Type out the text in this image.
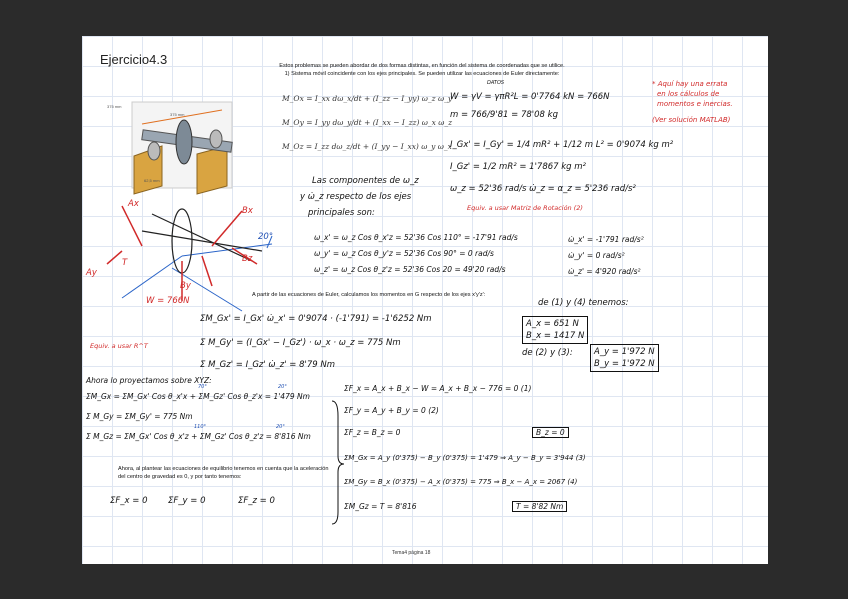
Ejercicio4.3	Estos problemas se pueden abordar de dos formas distintas, en función del sistema de coordenadas que se utilice.
1) Sistema móvil coincidente con los ejes principales. Se pueden utilizar las ecuaciones de Euler directamente:
375 mm
375 mm
62,5 mm
Ax
Ay
T
Bx
Bz
By
W = 766N
20°
M_Ox = I_xx dω_x/dt + (I_zz − I_yy) ω_z ω_y
M_Oy = I_yy dω_y/dt + (I_xx − I_zz) ω_x ω_z
M_Oz = I_zz dω_z/dt + (I_yy − I_xx) ω_y ω_x
* Aquí hay una errata
en los cálculos de
momentos e inercias.
(Ver solución MATLAB)
DATOS
W = γV = γπR²L = 0'7764 kN = 766N
m = 766/9'81 = 78'08 kg
I_Gx' = I_Gy' = 1/4 mR² + 1/12 m L² = 0'9074 kg m²
I_Gz' = 1/2 mR² = 1'7867 kg m²
ω_z = 52'36 rad/s ω̇_z = α_z = 5'236 rad/s²
Equiv. a usar Matriz de Rotación (2)
Las componentes de ω_z
y ω̇_z respecto de los ejes
principales son:
ω_x' = ω_z Cos θ_x'z = 52'36 Cos 110° = -17'91 rad/s
ω_y' = ω_z Cos θ_y'z = 52'36 Cos 90° = 0 rad/s
ω_z' = ω_z Cos θ_z'z = 52'36 Cos 20 = 49'20 rad/s
ω̇_x' = -1'791 rad/s²
ω̇_y' = 0 rad/s²
ω̇_z' = 4'920 rad/s²
A partir de las ecuaciones de Euler, calculamos los momentos en G respecto de los ejes x'y'z':
ΣM_Gx' = I_Gx' ω̇_x' = 0'9074 · (-1'791) = -1'6252 Nm
Σ M_Gy' = (I_Gx' − I_Gz') · ω_x · ω_z = 775 Nm
Σ M_Gz' = I_Gz' ω̇_z' = 8'79 Nm
Equiv. a usar R^T
Ahora lo proyectamos sobre XYZ:
ΣM_Gx = ΣM_Gx' Cos θ_x'x + ΣM_Gz' Cos θ_z'x = 1'479 Nm
Σ M_Gy = ΣM_Gy' = 775 Nm
Σ M_Gz = ΣM_Gx' Cos θ_x'z + ΣM_Gz' Cos θ_z'z = 8'816 Nm
70°	20°
110°	20°
Ahora, al plantear las ecuaciones de equilibrio tenemos en cuenta que la aceleración
del centro de gravedad es 0, y por tanto tenemos:
ΣF_x = 0 ΣF_y = 0	ΣF_z = 0
ΣF_x = A_x + B_x − W = A_x + B_x − 776 = 0 (1)
ΣF_y = A_y + B_y = 0 (2)
ΣF_z = B_z = 0	B_z = 0
ΣM_Gx = A_y (0'375) − B_y (0'375) = 1'479 ⇒ A_y − B_y = 3'944 (3)
ΣM_Gy = B_x (0'375) − A_x (0'375) = 775 ⇒ B_x − A_x = 2067 (4)
ΣM_Gz = T = 8'816	T = 8'82 Nm
de (1) y (4) tenemos:
A_x = 651 N
B_x = 1417 N
de (2) y (3):	A_y = 1'972 N
B_y = 1'972 N
Tema4 página 18
